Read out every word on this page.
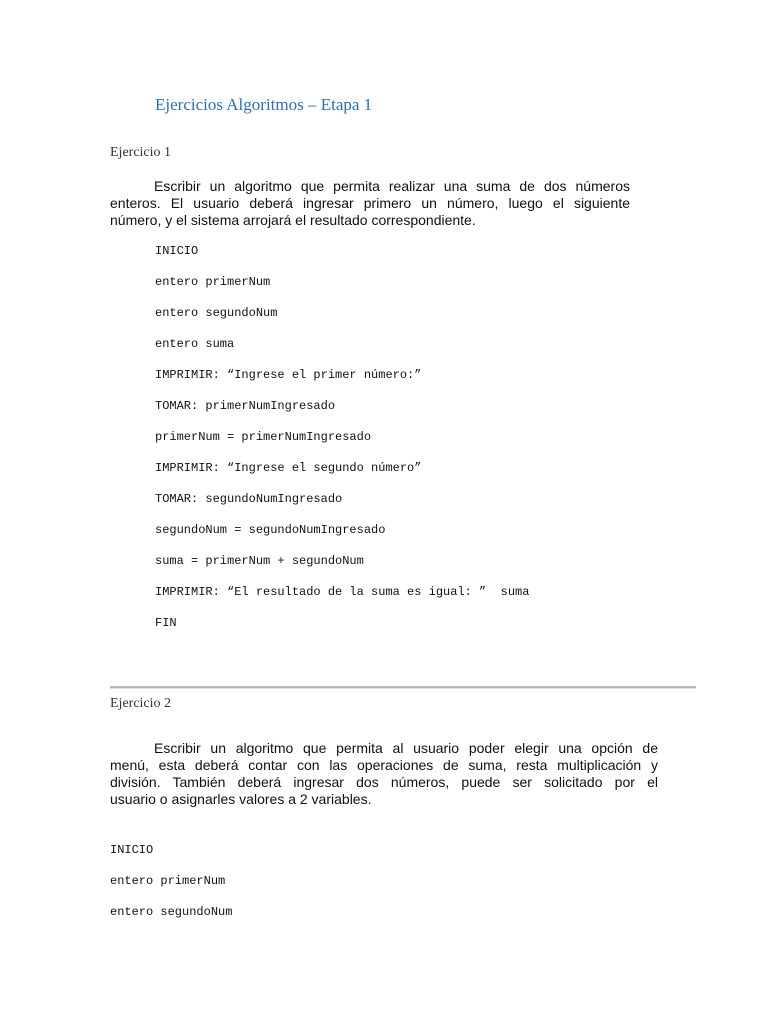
Ejercicios Algoritmos – Etapa 1
Ejercicio 1
Escribir un algoritmo que permita realizar una suma de dos números
enteros. El usuario deberá ingresar primero un número, luego el siguiente
número, y el sistema arrojará el resultado correspondiente.

INICIO

entero primerNum

entero segundoNum

entero suma

IMPRIMIR: “Ingrese el primer número:”

TOMAR: primerNumIngresado

primerNum = primerNumIngresado

IMPRIMIR: “Ingrese el segundo número”

TOMAR: segundoNumIngresado

segundoNum = segundoNumIngresado

suma = primerNum + segundoNum

IMPRIMIR: “El resultado de la suma es igual: ”  suma

FIN

Ejercicio 2
Escribir un algoritmo que permita al usuario poder elegir una opción de
menú, esta deberá contar con las operaciones de suma, resta multiplicación y
división. También deberá ingresar dos números, puede ser solicitado por el
usuario o asignarles valores a 2 variables.

INICIO

entero primerNum

entero segundoNum
